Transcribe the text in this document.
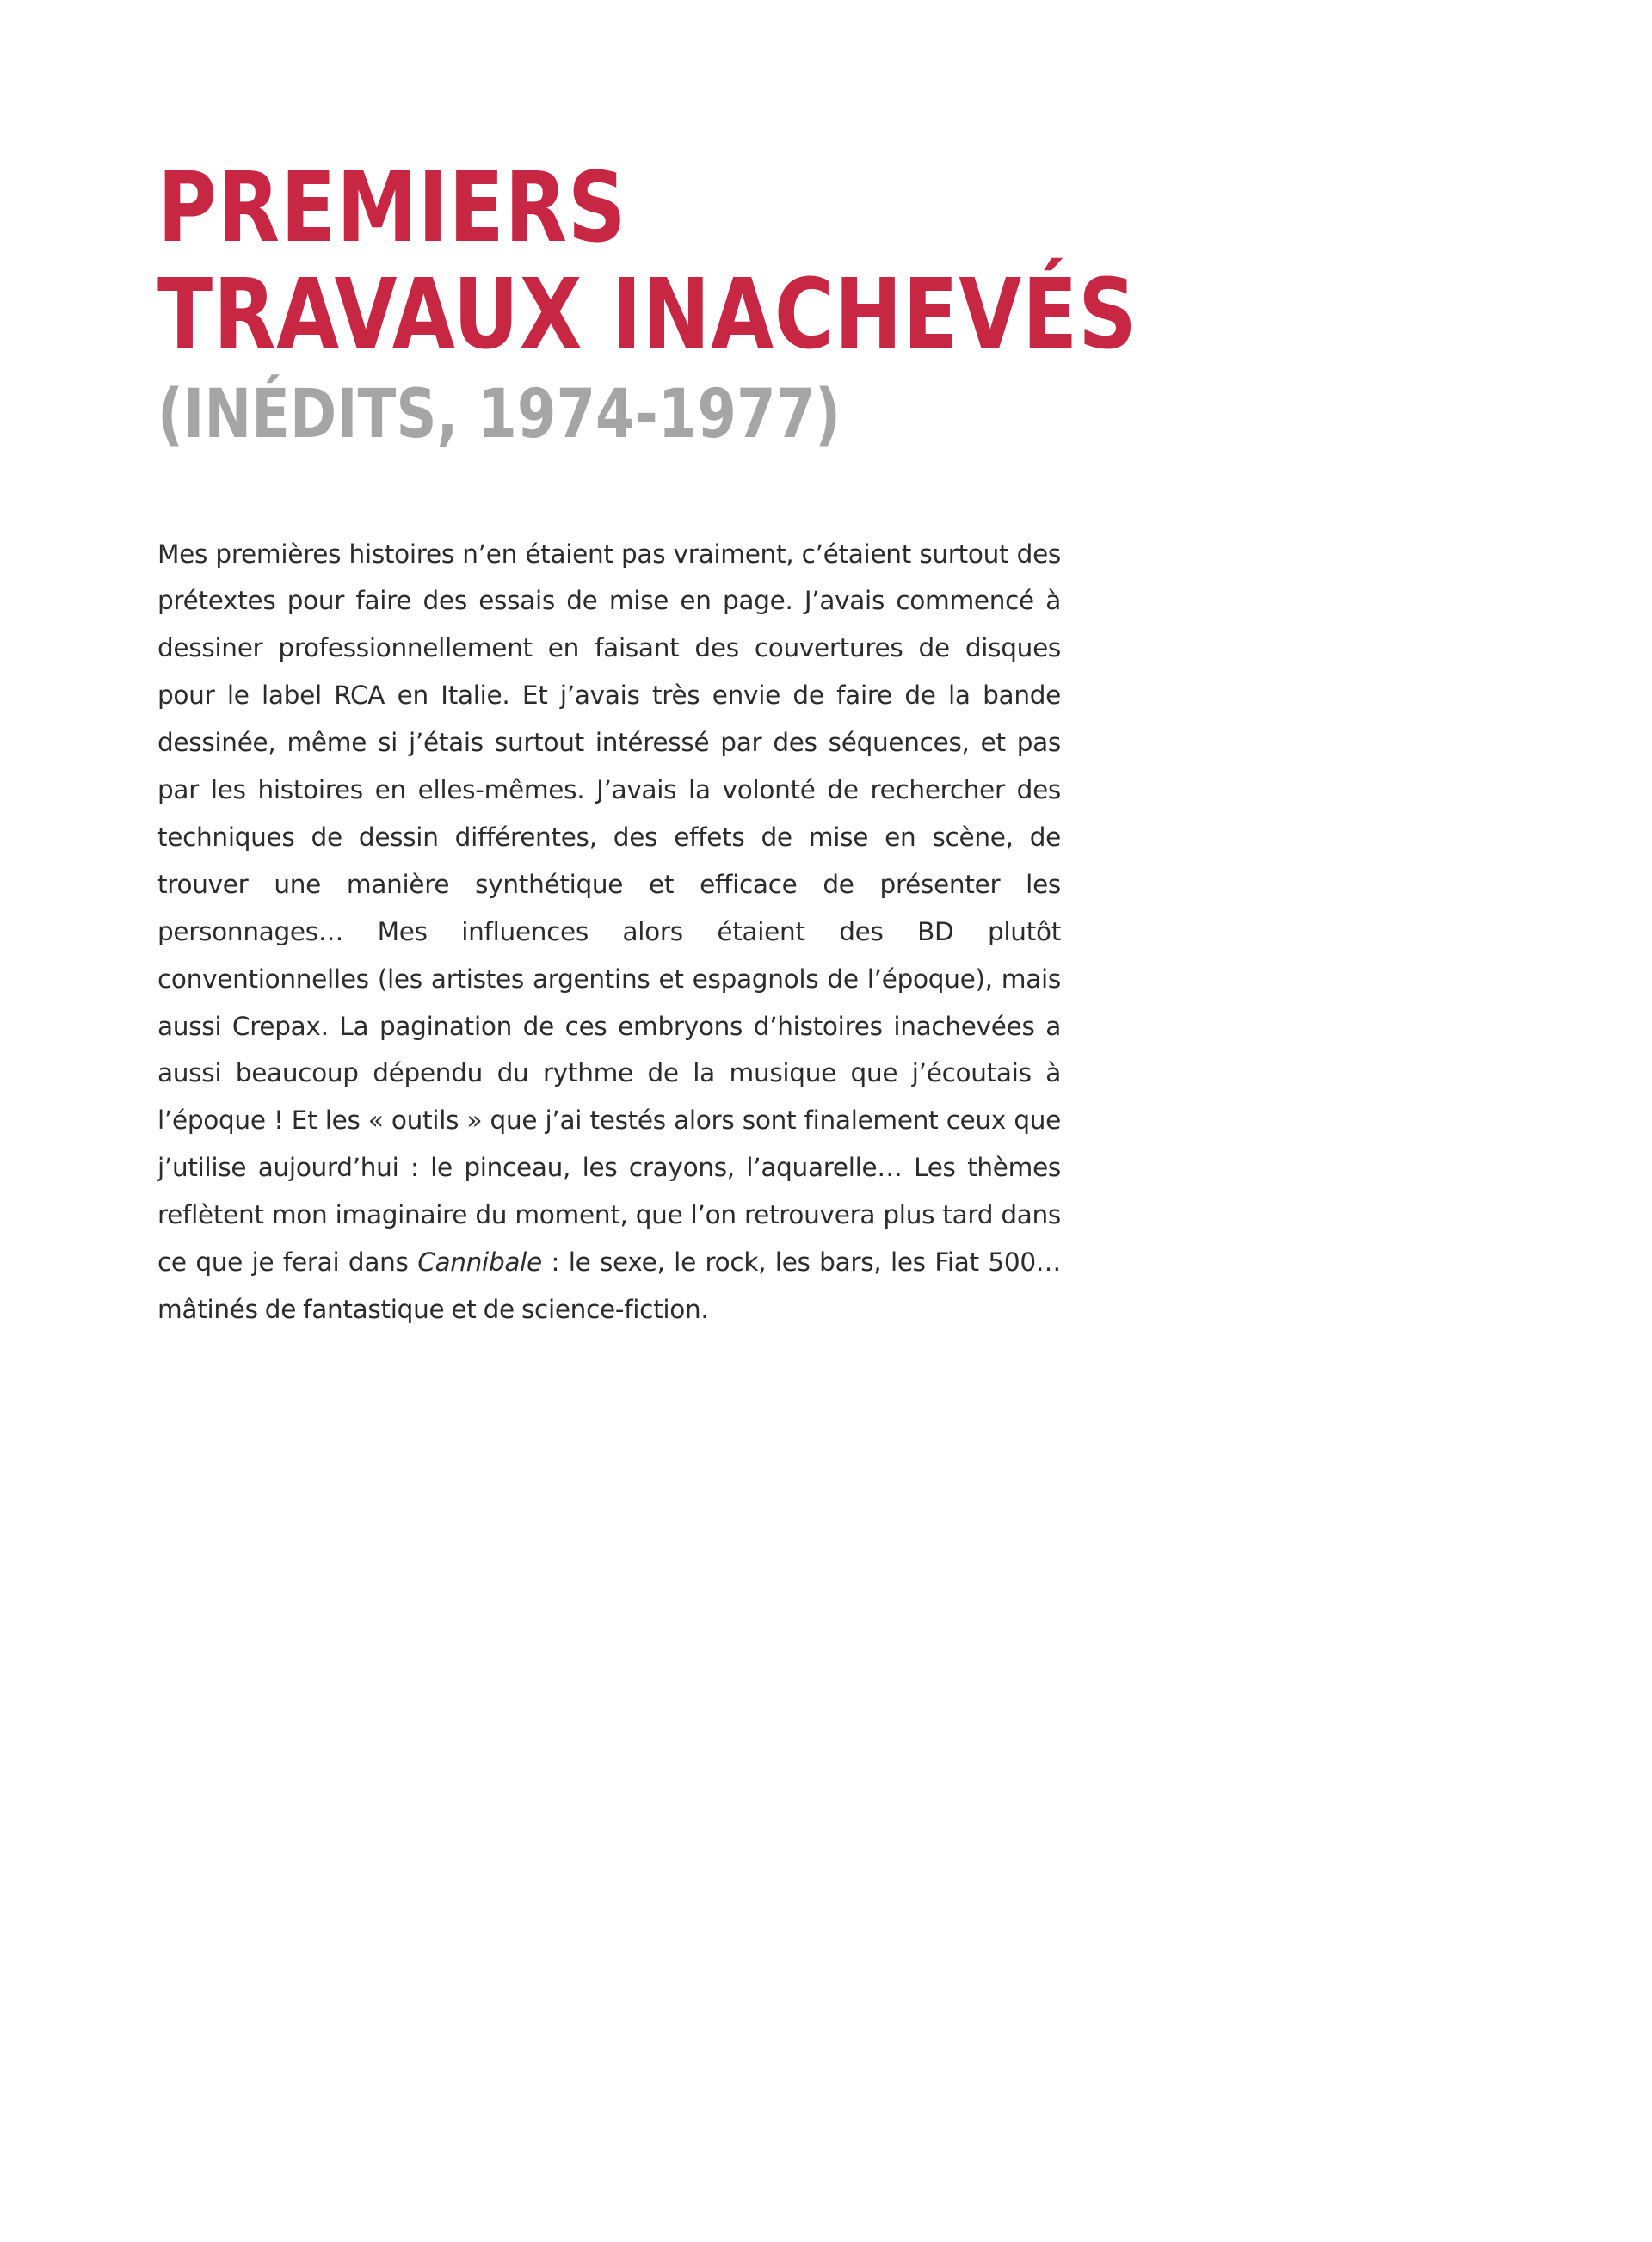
PREMIERS
TRAVAUX INACHEVÉS
(INÉDITS, 1974-1977)

Mes premières histoires n’en étaient pas vraiment, c’étaient surtout des prétextes pour faire des essais de mise en page. J’avais commencé à dessiner professionnellement en faisant des couvertures de disques pour le label RCA en Italie. Et j’avais très envie de faire de la bande dessinée, même si j’étais surtout intéressé par des séquences, et pas par les histoires en elles-mêmes. J’avais la volonté de rechercher des techniques de dessin différentes, des effets de mise en scène, de trouver une manière synthétique et efficace de présenter les personnages… Mes influences alors étaient des BD plutôt conventionnelles (les artistes argentins et espagnols de l’époque), mais aussi Crepax. La pagination de ces embryons d’histoires inachevées a aussi beaucoup dépendu du rythme de la musique que j’écoutais à l’époque ! Et les « outils » que j’ai testés alors sont finalement ceux que j’utilise aujourd’hui : le pinceau, les crayons, l’aquarelle… Les thèmes reflètent mon imaginaire du moment, que l’on retrouvera plus tard dans ce que je ferai dans Cannibale : le sexe, le rock, les bars, les Fiat 500… mâtinés de fantastique et de science-fiction.
